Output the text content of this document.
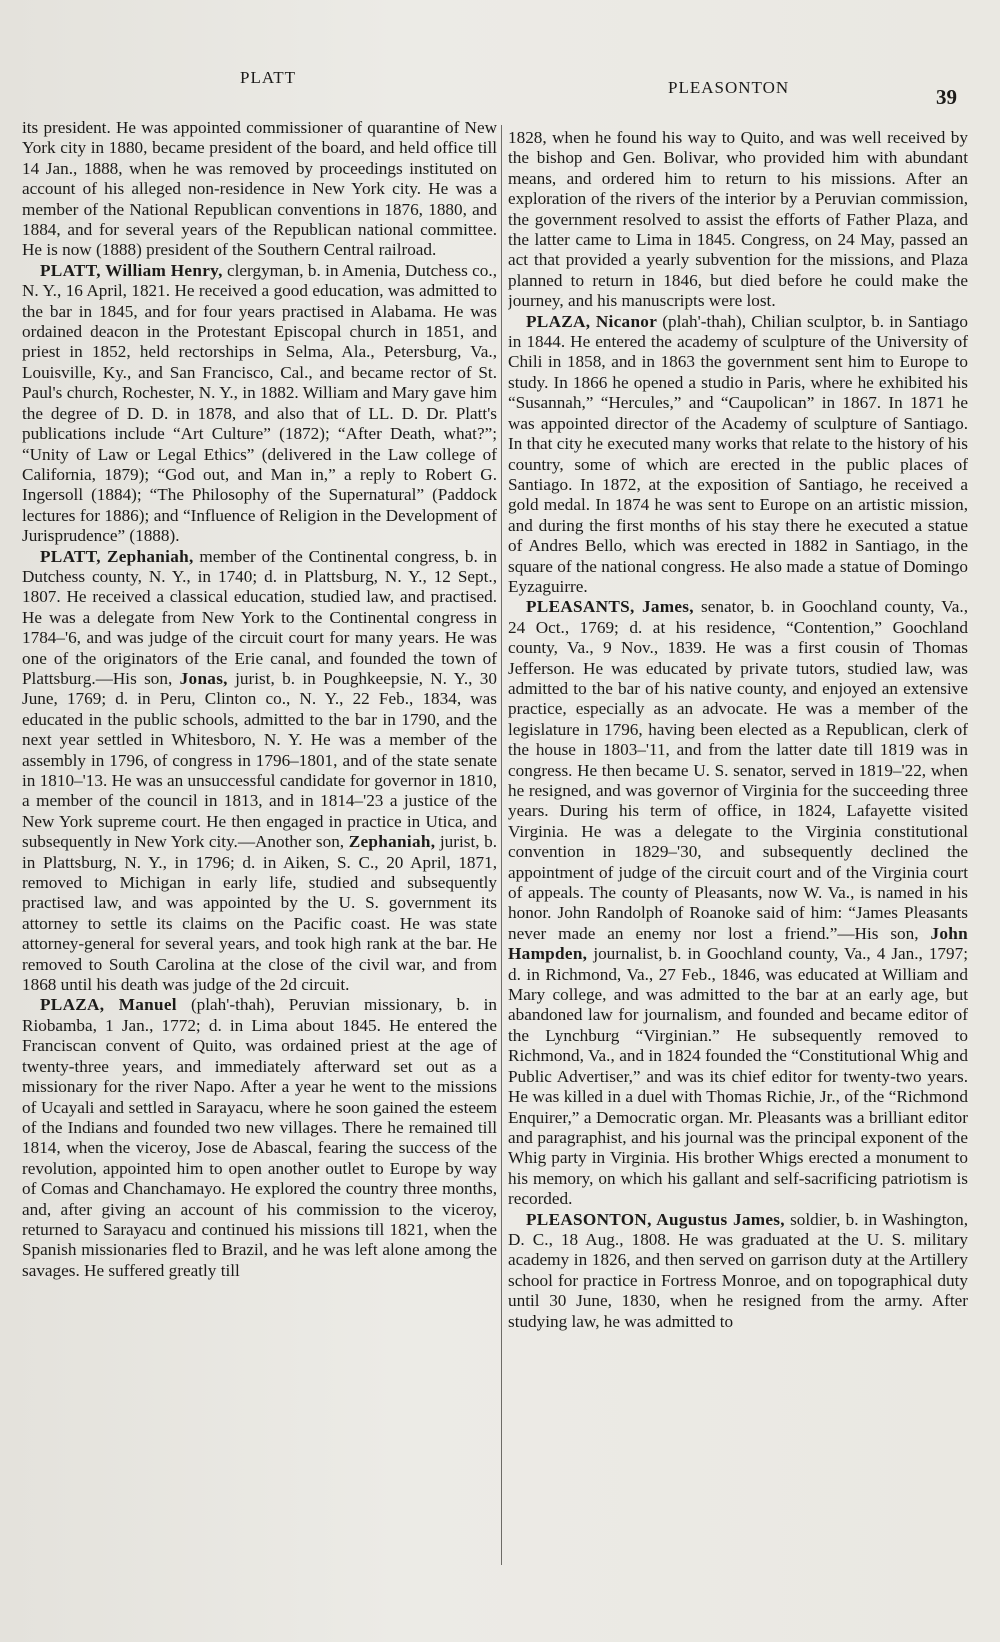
PLATT
PLEASONTON	39

its president. He was appointed commissioner of quarantine of New York city in 1880, became president of the board, and held office till 14 Jan., 1888, when he was removed by proceedings instituted on account of his alleged non-residence in New York city. He was a member of the National Republican conventions in 1876, 1880, and 1884, and for several years of the Republican national committee. He is now (1888) president of the Southern Central railroad.

PLATT, William Henry, clergyman, b. in Amenia, Dutchess co., N. Y., 16 April, 1821. He received a good education, was admitted to the bar in 1845, and for four years practised in Alabama. He was ordained deacon in the Protestant Episcopal church in 1851, and priest in 1852, held rectorships in Selma, Ala., Petersburg, Va., Louisville, Ky., and San Francisco, Cal., and became rector of St. Paul's church, Rochester, N. Y., in 1882. William and Mary gave him the degree of D. D. in 1878, and also that of LL. D. Dr. Platt's publications include “Art Culture” (1872); “After Death, what?”; “Unity of Law or Legal Ethics” (delivered in the Law college of California, 1879); “God out, and Man in,” a reply to Robert G. Ingersoll (1884); “The Philosophy of the Supernatural” (Paddock lectures for 1886); and “Influence of Religion in the Development of Jurisprudence” (1888).

PLATT, Zephaniah, member of the Continental congress, b. in Dutchess county, N. Y., in 1740; d. in Plattsburg, N. Y., 12 Sept., 1807. He received a classical education, studied law, and practised. He was a delegate from New York to the Continental congress in 1784–'6, and was judge of the circuit court for many years. He was one of the originators of the Erie canal, and founded the town of Plattsburg.—His son, Jonas, jurist, b. in Poughkeepsie, N. Y., 30 June, 1769; d. in Peru, Clinton co., N. Y., 22 Feb., 1834, was educated in the public schools, admitted to the bar in 1790, and the next year settled in Whitesboro, N. Y. He was a member of the assembly in 1796, of congress in 1796–1801, and of the state senate in 1810–'13. He was an unsuccessful candidate for governor in 1810, a member of the council in 1813, and in 1814–'23 a justice of the New York supreme court. He then engaged in practice in Utica, and subsequently in New York city.—Another son, Zephaniah, jurist, b. in Plattsburg, N. Y., in 1796; d. in Aiken, S. C., 20 April, 1871, removed to Michigan in early life, studied and subsequently practised law, and was appointed by the U. S. government its attorney to settle its claims on the Pacific coast. He was state attorney-general for several years, and took high rank at the bar. He removed to South Carolina at the close of the civil war, and from 1868 until his death was judge of the 2d circuit.

PLAZA, Manuel (plah'-thah), Peruvian missionary, b. in Riobamba, 1 Jan., 1772; d. in Lima about 1845. He entered the Franciscan convent of Quito, was ordained priest at the age of twenty-three years, and immediately afterward set out as a missionary for the river Napo. After a year he went to the missions of Ucayali and settled in Sarayacu, where he soon gained the esteem of the Indians and founded two new villages. There he remained till 1814, when the viceroy, Jose de Abascal, fearing the success of the revolution, appointed him to open another outlet to Europe by way of Comas and Chanchamayo. He explored the country three months, and, after giving an account of his commission to the viceroy, returned to Sarayacu and continued his missions till 1821, when the Spanish missionaries fled to Brazil, and he was left alone among the savages. He suffered greatly till

1828, when he found his way to Quito, and was well received by the bishop and Gen. Bolivar, who provided him with abundant means, and ordered him to return to his missions. After an exploration of the rivers of the interior by a Peruvian commission, the government resolved to assist the efforts of Father Plaza, and the latter came to Lima in 1845. Congress, on 24 May, passed an act that provided a yearly subvention for the missions, and Plaza planned to return in 1846, but died before he could make the journey, and his manuscripts were lost.

PLAZA, Nicanor (plah'-thah), Chilian sculptor, b. in Santiago in 1844. He entered the academy of sculpture of the University of Chili in 1858, and in 1863 the government sent him to Europe to study. In 1866 he opened a studio in Paris, where he exhibited his “Susannah,” “Hercules,” and “Caupolican” in 1867. In 1871 he was appointed director of the Academy of sculpture of Santiago. In that city he executed many works that relate to the history of his country, some of which are erected in the public places of Santiago. In 1872, at the exposition of Santiago, he received a gold medal. In 1874 he was sent to Europe on an artistic mission, and during the first months of his stay there he executed a statue of Andres Bello, which was erected in 1882 in Santiago, in the square of the national congress. He also made a statue of Domingo Eyzaguirre.

PLEASANTS, James, senator, b. in Goochland county, Va., 24 Oct., 1769; d. at his residence, “Contention,” Goochland county, Va., 9 Nov., 1839. He was a first cousin of Thomas Jefferson. He was educated by private tutors, studied law, was admitted to the bar of his native county, and enjoyed an extensive practice, especially as an advocate. He was a member of the legislature in 1796, having been elected as a Republican, clerk of the house in 1803–'11, and from the latter date till 1819 was in congress. He then became U. S. senator, served in 1819–'22, when he resigned, and was governor of Virginia for the succeeding three years. During his term of office, in 1824, Lafayette visited Virginia. He was a delegate to the Virginia constitutional convention in 1829–'30, and subsequently declined the appointment of judge of the circuit court and of the Virginia court of appeals. The county of Pleasants, now W. Va., is named in his honor. John Randolph of Roanoke said of him: “James Pleasants never made an enemy nor lost a friend.”—His son, John Hampden, journalist, b. in Goochland county, Va., 4 Jan., 1797; d. in Richmond, Va., 27 Feb., 1846, was educated at William and Mary college, and was admitted to the bar at an early age, but abandoned law for journalism, and founded and became editor of the Lynchburg “Virginian.” He subsequently removed to Richmond, Va., and in 1824 founded the “Constitutional Whig and Public Advertiser,” and was its chief editor for twenty-two years. He was killed in a duel with Thomas Richie, Jr., of the “Richmond Enquirer,” a Democratic organ. Mr. Pleasants was a brilliant editor and paragraphist, and his journal was the principal exponent of the Whig party in Virginia. His brother Whigs erected a monument to his memory, on which his gallant and self-sacrificing patriotism is recorded.

PLEASONTON, Augustus James, soldier, b. in Washington, D. C., 18 Aug., 1808. He was graduated at the U. S. military academy in 1826, and then served on garrison duty at the Artillery school for practice in Fortress Monroe, and on topographical duty until 30 June, 1830, when he resigned from the army. After studying law, he was admitted to
